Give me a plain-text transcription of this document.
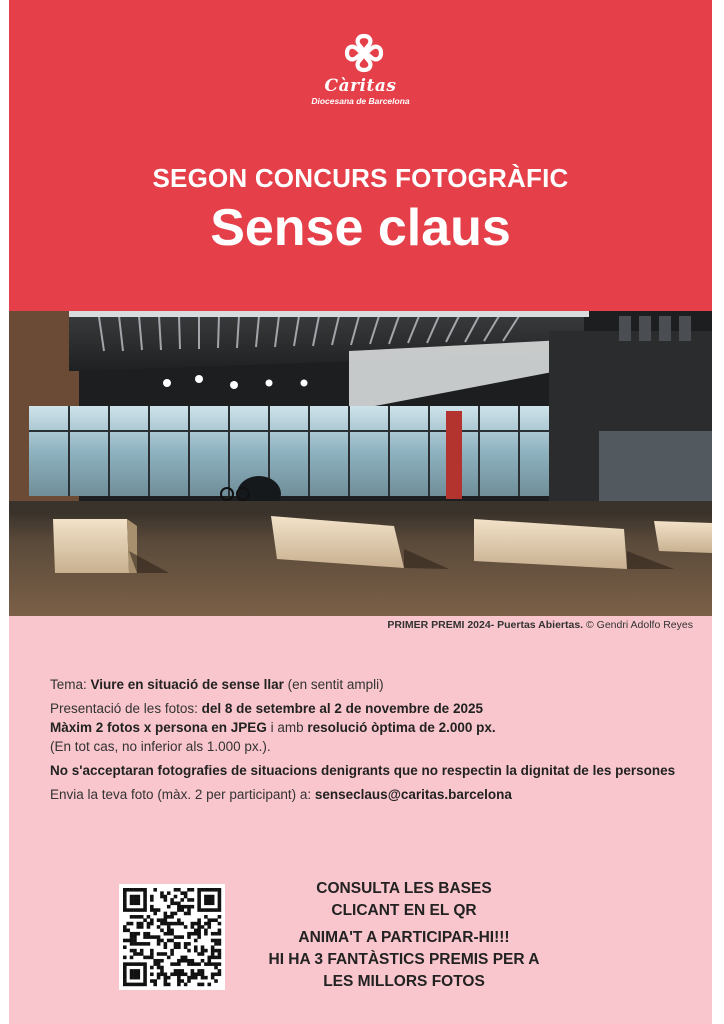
Càritas
Diocesana de Barcelona
SEGON CONCURS FOTOGRÀFIC
Sense claus
PRIMER PREMI 2024- Puertas Abiertas. © Gendri Adolfo Reyes

Tema: Viure en situació de sense llar (en sentit ampli)

Presentació de les fotos: del 8 de setembre al 2 de novembre de 2025

Màxim 2 fotos x persona en JPEG i amb resolució òptima de 2.000 px.

(En tot cas, no inferior als 1.000 px.).

No s'acceptaran fotografies de situacions denigrants que no respectin la dignitat de les persones

Envia la teva foto (màx. 2 per participant) a: senseclaus@caritas.barcelona

CONSULTA LES BASES
CLICANT EN EL QR
ANIMA'T A PARTICIPAR-HI!!!
HI HA 3 FANTÀSTICS PREMIS PER A
LES MILLORS FOTOS
